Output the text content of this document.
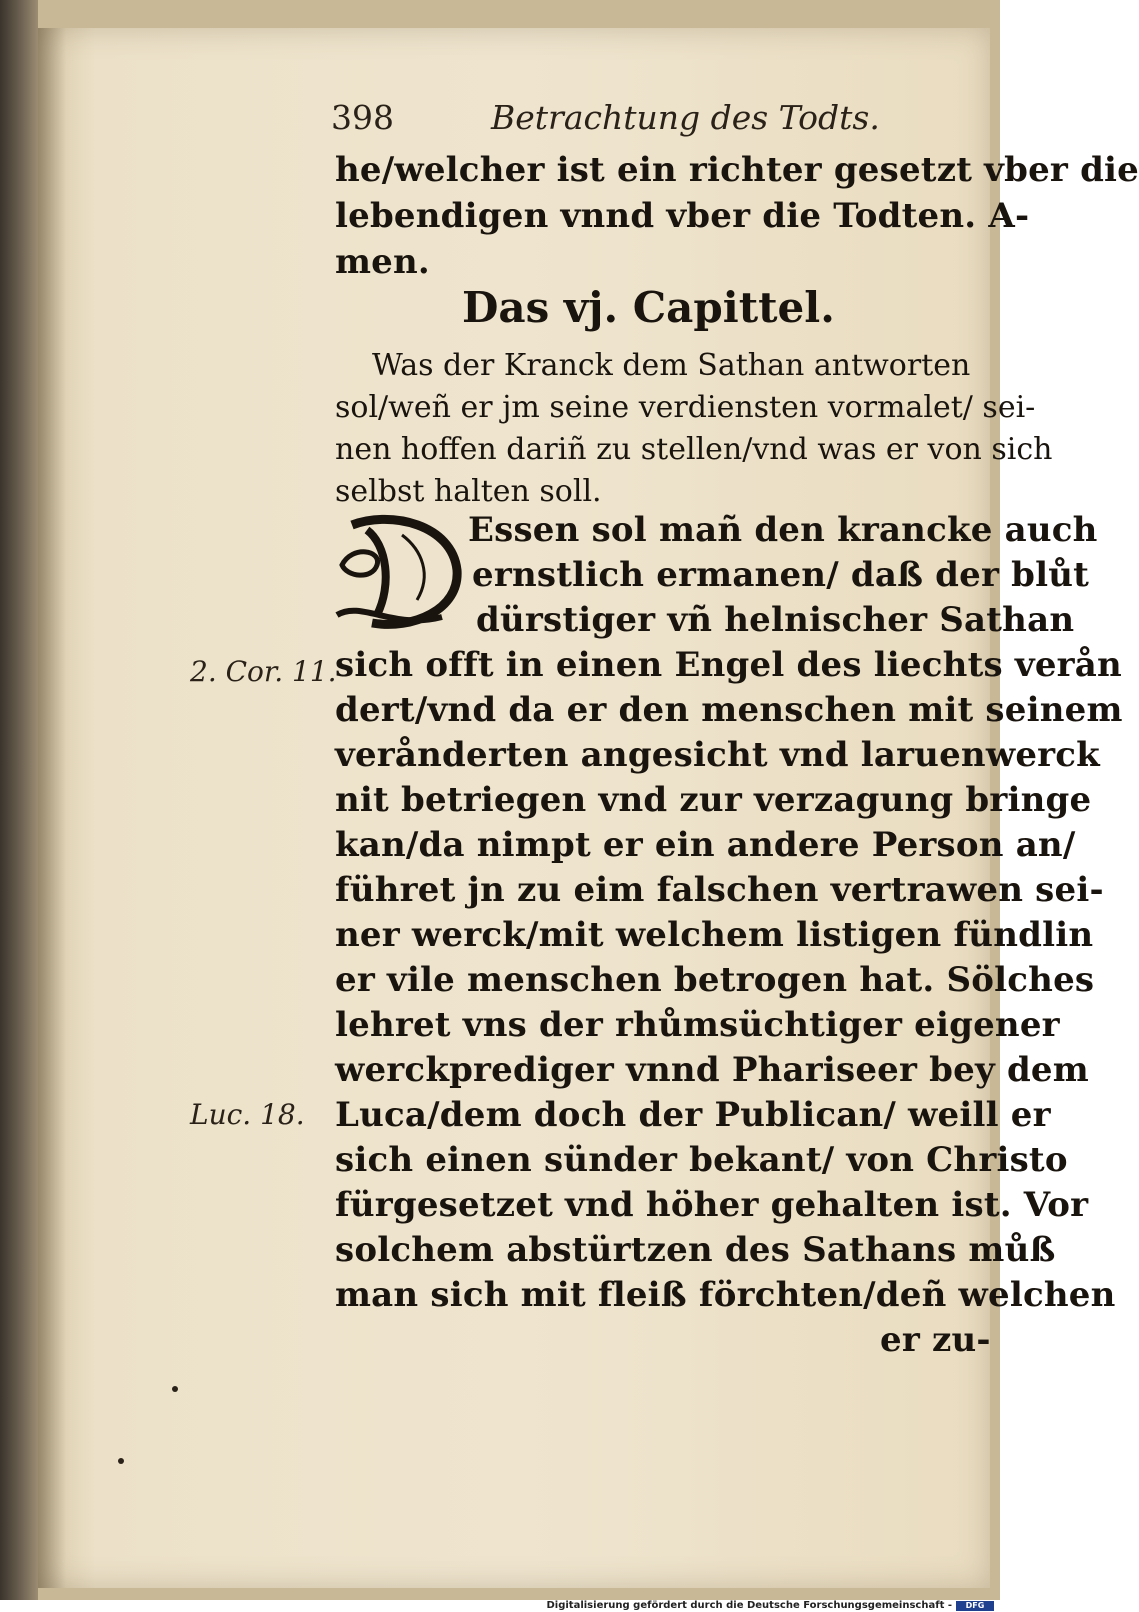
398	Betrachtung des Todts.
he/welcher ist ein richter gesetzt vber die
lebendigen vnnd vber die Todten. A-
men.
Das vj. Capittel.
Was der Kranck dem Sathan antworten
sol/weñ er jm seine verdiensten vormalet/ sei-
nen hoffen dariñ zu stellen/vnd was er von sich
selbst halten soll.
Essen sol mañ den krancke auch
ernstlich ermanen/ daß der blůt
dürstiger vñ helnischer Sathan
sich offt in einen Engel des liechts verån
dert/vnd da er den menschen mit seinem
verånderten angesicht vnd laruenwerck
nit betriegen vnd zur verzagung bringe
kan/da nimpt er ein andere Person an/
führet jn zu eim falschen vertrawen sei-
ner werck/mit welchem listigen fündlin
er vile menschen betrogen hat. Sölches
lehret vns der rhůmsüchtiger eigener
werckprediger vnnd Phariseer bey dem
Luca/dem doch der Publican/ weill er
sich einen sünder bekant/ von Christo
fürgesetzet vnd höher gehalten ist. Vor
solchem abstürtzen des Sathans můß
man sich mit fleiß förchten/deñ welchen
er zu-
2. Cor. 11.
Luc. 18.
Digitalisierung gefördert durch die Deutsche Forschungsgemeinschaft -	DFG
